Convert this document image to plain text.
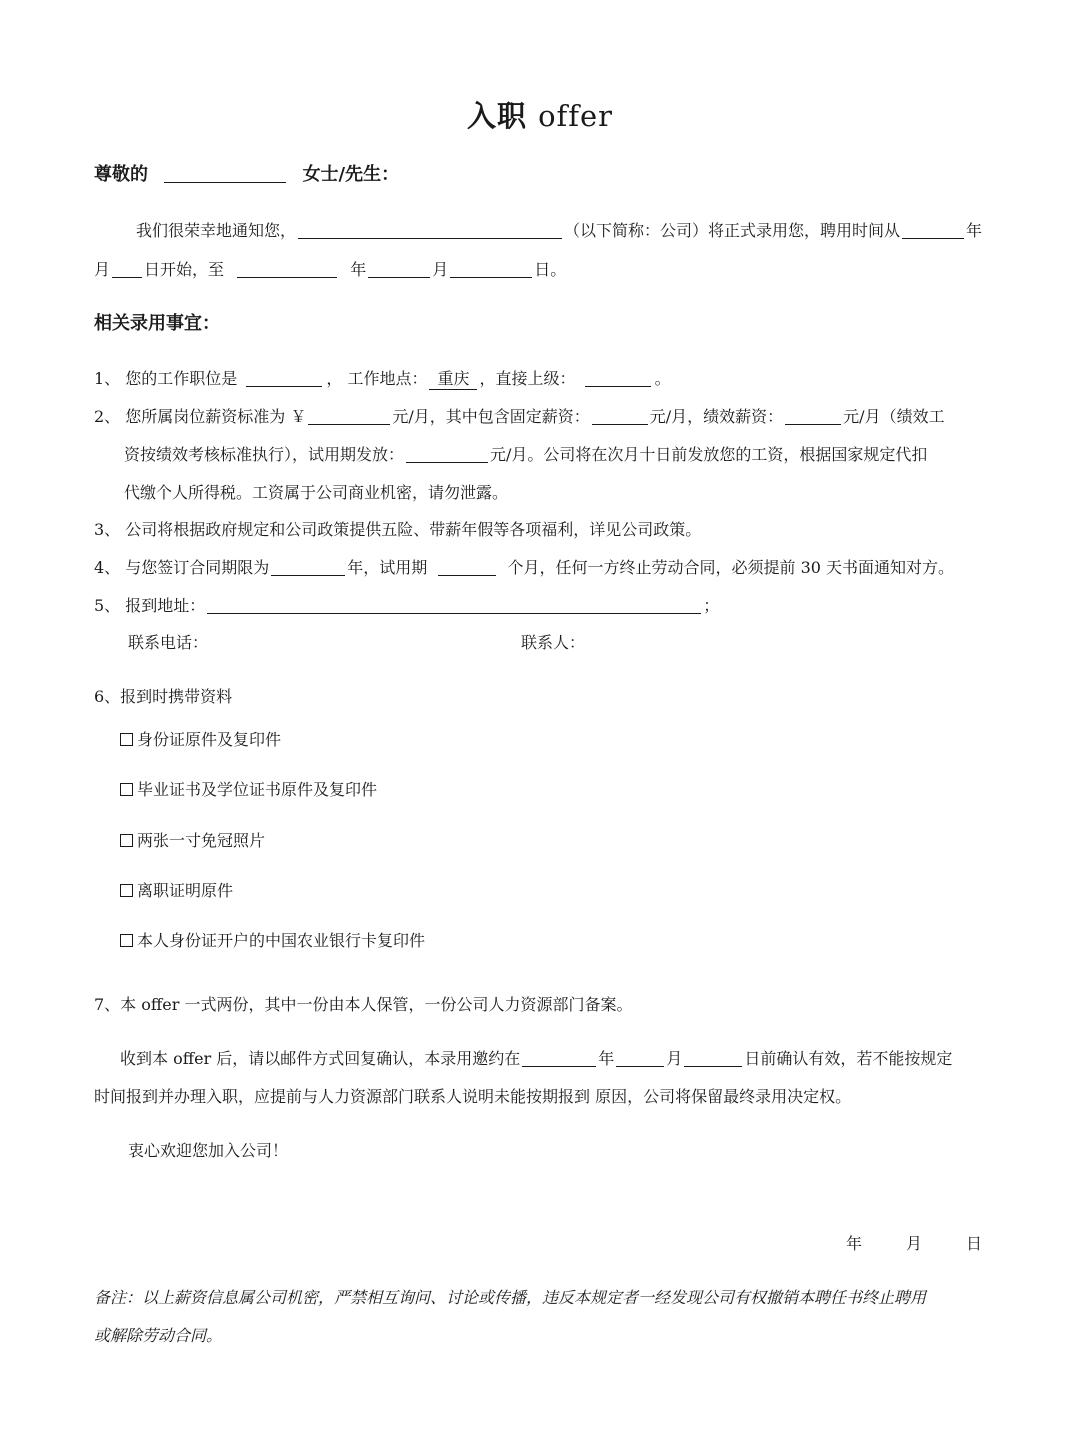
入职 offer
尊敬的	女士/先生：
我们很荣幸地通知您，	（以下简称：公司）将正式录用您，聘用时间从	年
月 日开始，至	年	月	日。
相关录用事宜：
1、 您的工作职位是	， 工作地点： 重庆 ，直接上级：	。
2、 您所属岗位薪资标准为 ￥	元/月，其中包含固定薪资：	元/月，绩效薪资：	元/月（绩效工
资按绩效考核标准执行），试用期发放：	元/月。公司将在次月十日前发放您的工资，根据国家规定代扣
代缴个人所得税。工资属于公司商业机密，请勿泄露。
3、 公司将根据政府规定和公司政策提供五险、带薪年假等各项福利，详见公司政策。
4、 与您签订合同期限为	年，试用期	个月，任何一方终止劳动合同，必须提前 30 天书面通知对方。
5、 报到地址：	；
联系电话：	联系人：
6、报到时携带资料
身份证原件及复印件
毕业证书及学位证书原件及复印件
两张一寸免冠照片
离职证明原件
本人身份证开户的中国农业银行卡复印件
7、本 offer 一式两份，其中一份由本人保管，一份公司人力资源部门备案。
收到本 offer 后，请以邮件方式回复确认，本录用邀约在	年	月	日前确认有效，若不能按规定
时间报到并办理入职，应提前与人力资源部门联系人说明未能按期报到 原因，公司将保留最终录用决定权。
衷心欢迎您加入公司！
年	月	日
备注：以上薪资信息属公司机密，严禁相互询问、讨论或传播，违反本规定者一经发现公司有权撤销本聘任书终止聘用
或解除劳动合同。
